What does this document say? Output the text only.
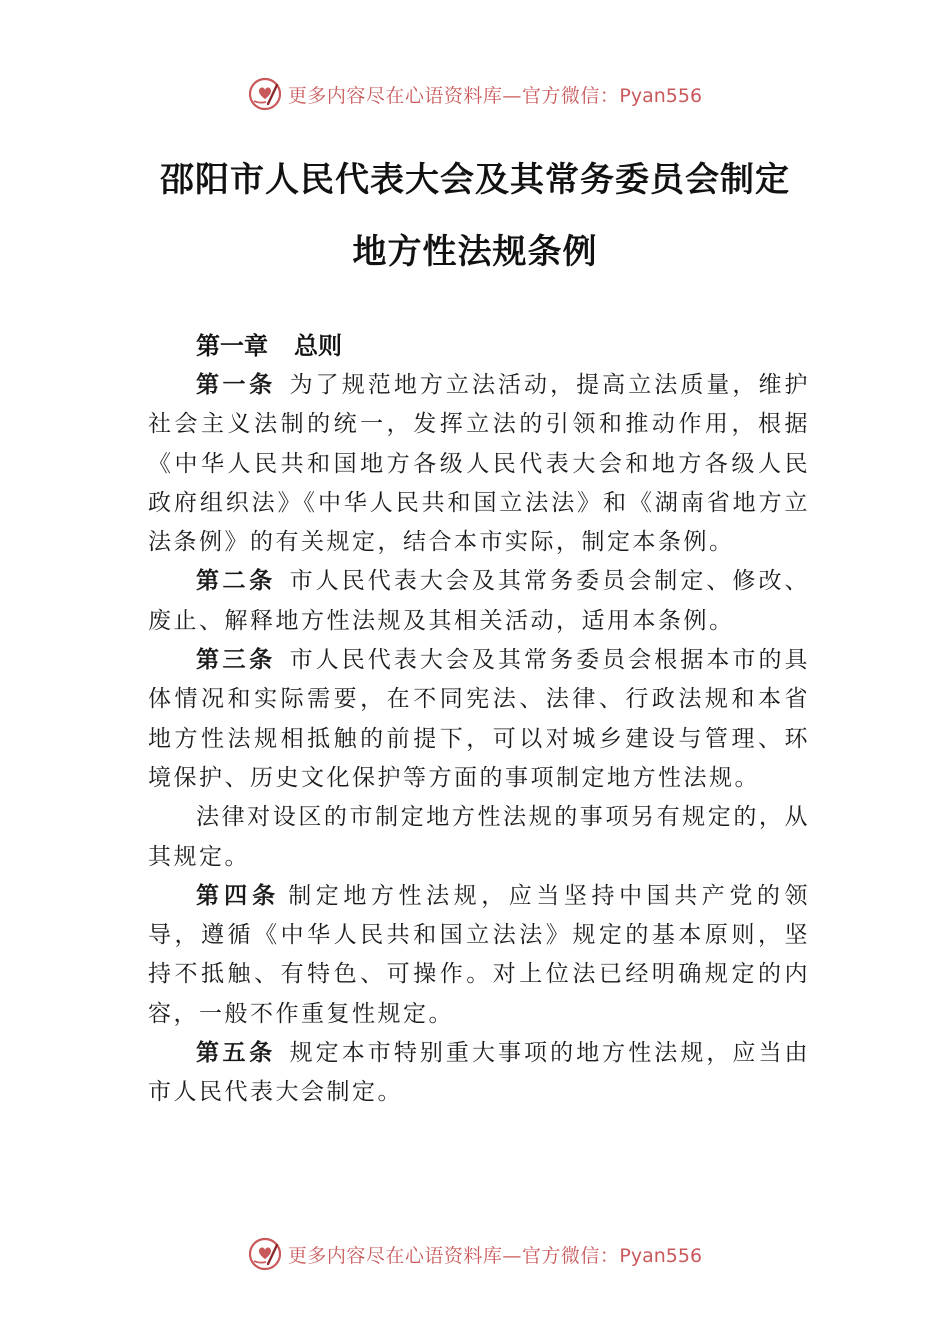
更多内容尽在心语资料库—官方微信：Pyan556
邵阳市人民代表大会及其常务委员会制定
地方性法规条例
第一章 总则

第一条 为了规范地方立法活动，提高立法质量，维护社会主义法制的统一，发挥立法的引领和推动作用，根据《中华人民共和国地方各级人民代表大会和地方各级人民政府组织法》《中华人民共和国立法法》和《湖南省地方立法条例》的有关规定，结合本市实际，制定本条例。

第二条 市人民代表大会及其常务委员会制定、修改、废止、解释地方性法规及其相关活动，适用本条例。

第三条 市人民代表大会及其常务委员会根据本市的具体情况和实际需要，在不同宪法、法律、行政法规和本省地方性法规相抵触的前提下，可以对城乡建设与管理、环境保护、历史文化保护等方面的事项制定地方性法规。

法律对设区的市制定地方性法规的事项另有规定的，从其规定。

第四条 制定地方性法规，应当坚持中国共产党的领导，遵循《中华人民共和国立法法》规定的基本原则，坚持不抵触、有特色、可操作。对上位法已经明确规定的内容，一般不作重复性规定。

第五条 规定本市特别重大事项的地方性法规，应当由市人民代表大会制定。

更多内容尽在心语资料库—官方微信：Pyan556
